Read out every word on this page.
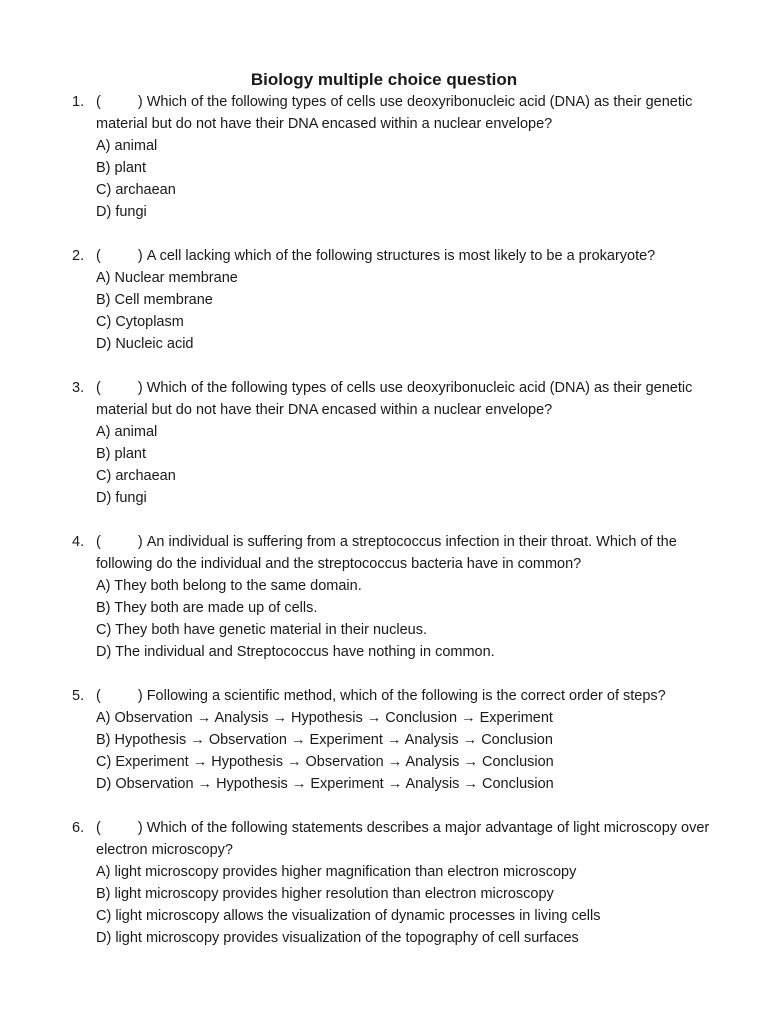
Biology multiple choice question
1. (	) Which of the following types of cells use deoxyribonucleic acid (DNA) as their genetic material but do not have their DNA encased within a nuclear envelope?
A) animal
B) plant
C) archaean
D) fungi
2. (	) A cell lacking which of the following structures is most likely to be a prokaryote?
A) Nuclear membrane
B) Cell membrane
C) Cytoplasm
D) Nucleic acid
3. (	) Which of the following types of cells use deoxyribonucleic acid (DNA) as their genetic material but do not have their DNA encased within a nuclear envelope?
A) animal
B) plant
C) archaean
D) fungi
4. (	) An individual is suffering from a streptococcus infection in their throat. Which of the following do the individual and the streptococcus bacteria have in common?
A) They both belong to the same domain.
B) They both are made up of cells.
C) They both have genetic material in their nucleus.
D) The individual and Streptococcus have nothing in common.
5. (	) Following a scientific method, which of the following is the correct order of steps?
A) Observation → Analysis → Hypothesis → Conclusion → Experiment
B) Hypothesis → Observation → Experiment → Analysis → Conclusion
C) Experiment → Hypothesis → Observation → Analysis → Conclusion
D) Observation → Hypothesis → Experiment → Analysis → Conclusion
6. (	) Which of the following statements describes a major advantage of light microscopy over electron microscopy?
A) light microscopy provides higher magnification than electron microscopy
B) light microscopy provides higher resolution than electron microscopy
C) light microscopy allows the visualization of dynamic processes in living cells
D) light microscopy provides visualization of the topography of cell surfaces
